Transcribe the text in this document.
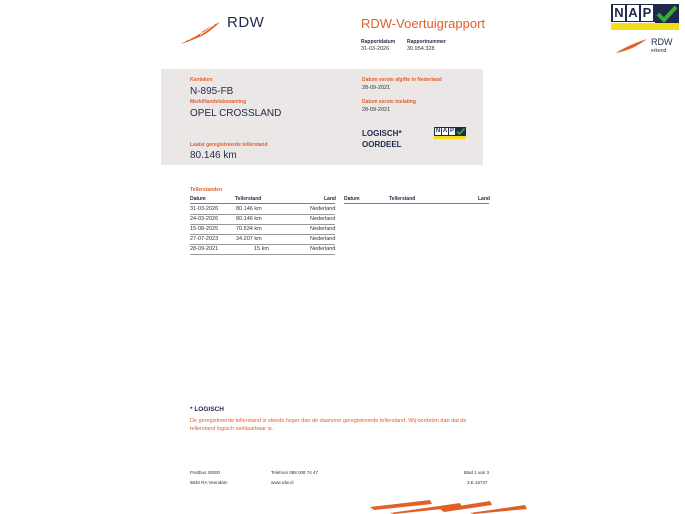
RDW	RDW-Voertuigrapport
Rapportdatum
31-03-2026
Rapportnummer
30.954.328
N A P
RDW
erkend
Kenteken
N-895-FB
Merk/Handelsbenaming
OPEL CROSSLAND
Laatst geregistreerde tellerstand
80.146 km
Datum eerste afgifte in Nederland
28-09-2021
Datum eerste toelating
28-09-2021
LOGISCH*
OORDEEL
N A P
Tellerstanden
Datum	Tellerstand	Land Datum	Tellerstand	Land
31-03-2026	80.146 km	Nederland
24-03-2026	80.146 km	Nederland
15-08-2025	70.534 km	Nederland
27-07-2023	34.207 km	Nederland
28-09-2021	15 km	Nederland
* LOGISCH
De geregistreerde tellerstand is steeds hoger dan de daarvoor geregistreerde tellerstand. Wij oordelen dan dat de tellerstand logisch verklaarbaar is.
Postbus 30000
9640 RA Veendam
Telefoon 088 008 74 47
www.rdw.nl
Blad 1 van 3
3.E.16737
